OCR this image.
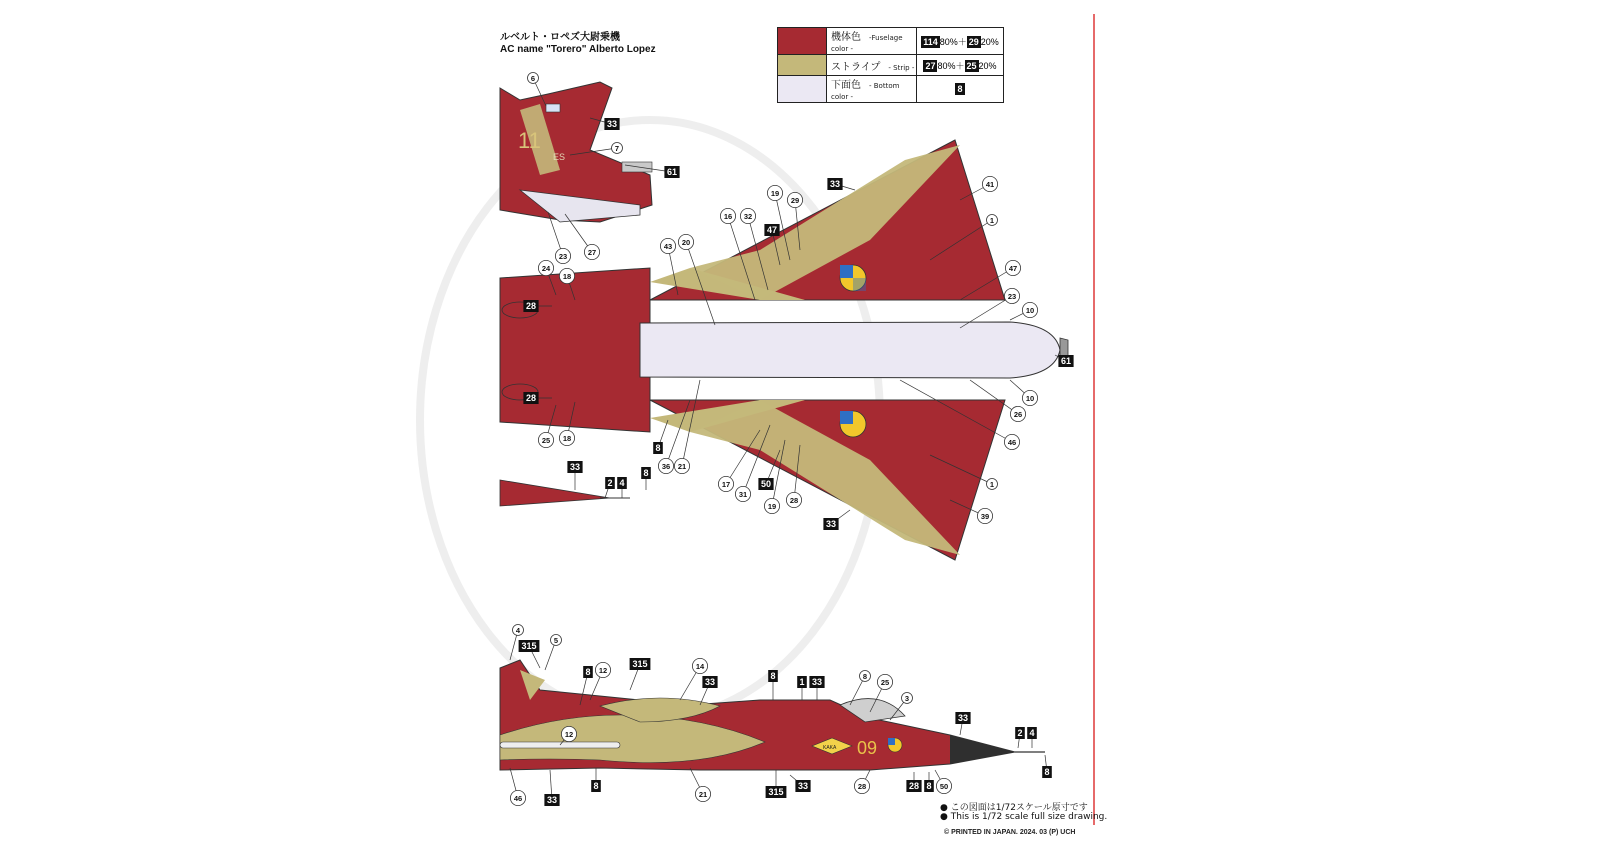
ルベルト・ロペズ大尉乗機
AC name "Torero" Alberto Lopez
	機体色 -Fuselage color -	114 80%＋ 29 20%
	ストライプ - Strip -	27 80%＋ 25 20%
	下面色 - Bottom color -	8
11
ES
09
KAKA
6
33
7
61
23	27
24
18
28
28
25 18
33
2 4
8
43 20
16 32
19
47
29
33	41
1
47
23
10
61
10
26
46
8
36 21
17
31
50
19
28
33
1
39
4
5
315
315
12
8
14
33
8
1 33
8
25
3
33
2 4
8
12
46	33
8
21	315
33	28	28 8 50
● この図面は1/72スケール原寸です
● This is 1/72 scale full size drawing.
© PRINTED IN JAPAN. 2024. 03 (P) UCH
